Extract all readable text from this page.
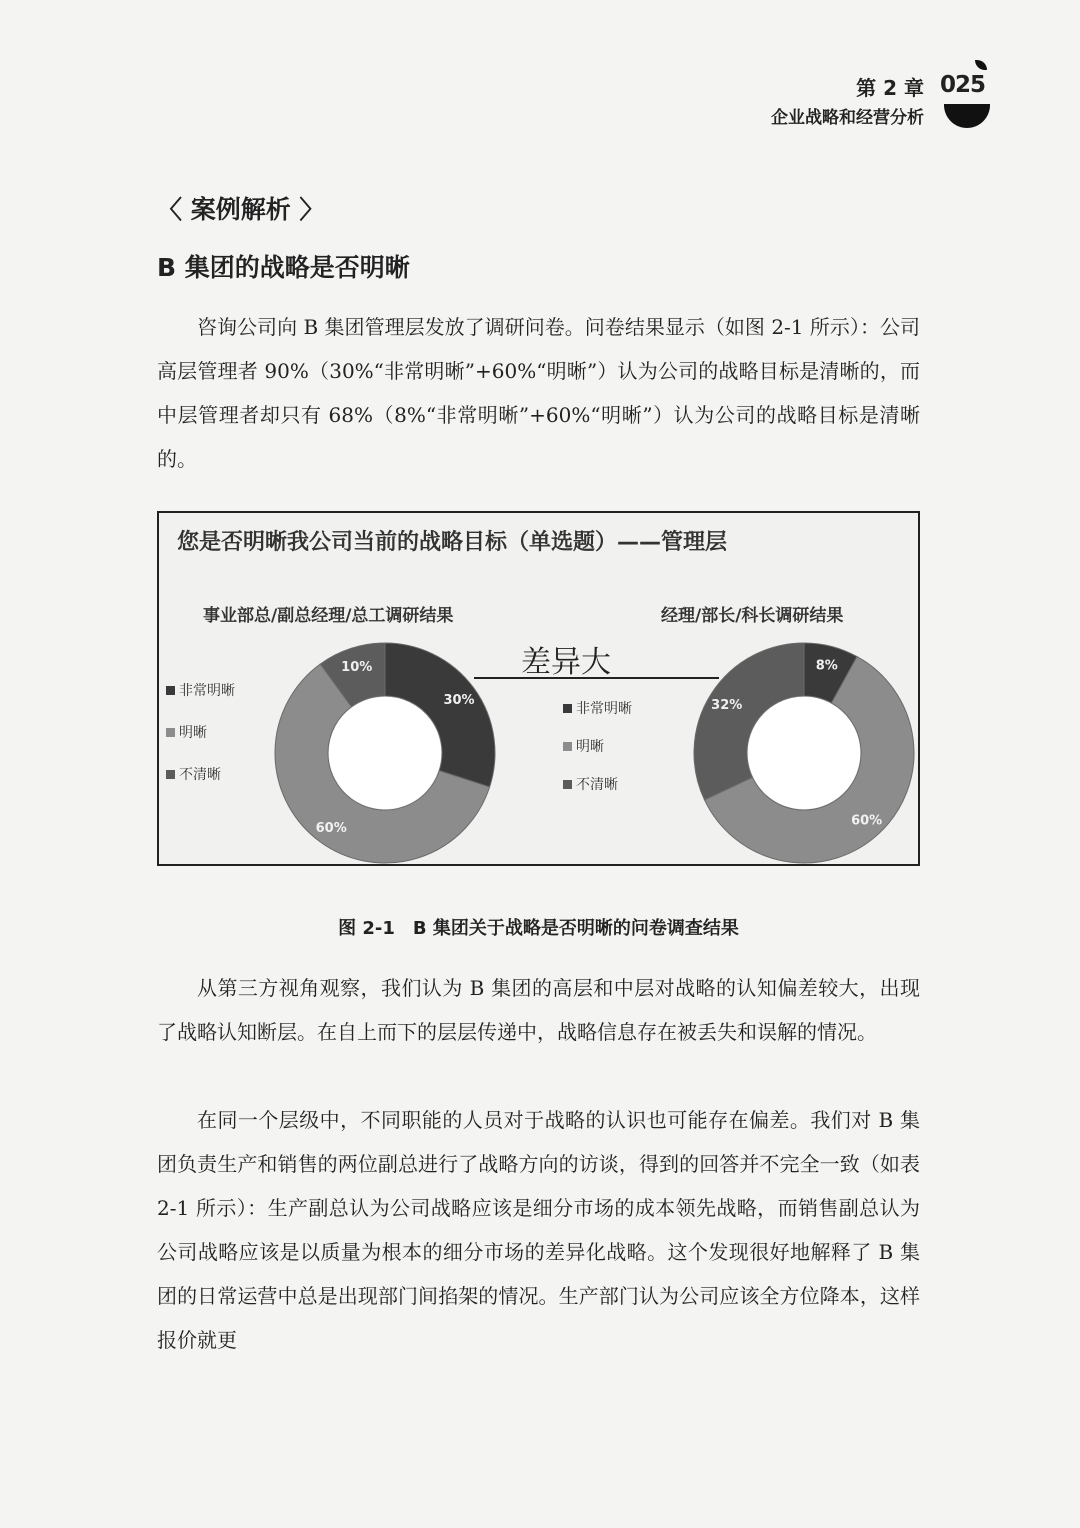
第 2 章 025
企业战略和经营分析
〈 案例解析 〉
B 集团的战略是否明晰

咨询公司向 B 集团管理层发放了调研问卷。问卷结果显示（如图 2-1 所示）：公司高层管理者 90%（30%“非常明晰”+60%“明晰”）认为公司的战略目标是清晰的，而中层管理者却只有 68%（8%“非常明晰”+60%“明晰”）认为公司的战略目标是清晰的。

您是否明晰我公司当前的战略目标（单选题）——管理层
事业部总/副总经理/总工调研结果	经理/部长/科长调研结果
30%
60%
10%	8%
60%
32%
差异大
非常明晰
明晰
不清晰
非常明晰
明晰
不清晰
图 2-1　B 集团关于战略是否明晰的问卷调查结果

从第三方视角观察，我们认为 B 集团的高层和中层对战略的认知偏差较大，出现了战略认知断层。在自上而下的层层传递中，战略信息存在被丢失和误解的情况。

在同一个层级中，不同职能的人员对于战略的认识也可能存在偏差。我们对 B 集团负责生产和销售的两位副总进行了战略方向的访谈，得到的回答并不完全一致（如表 2-1 所示）：生产副总认为公司战略应该是细分市场的成本领先战略，而销售副总认为公司战略应该是以质量为根本的细分市场的差异化战略。这个发现很好地解释了 B 集团的日常运营中总是出现部门间掐架的情况。生产部门认为公司应该全方位降本，这样报价就更
